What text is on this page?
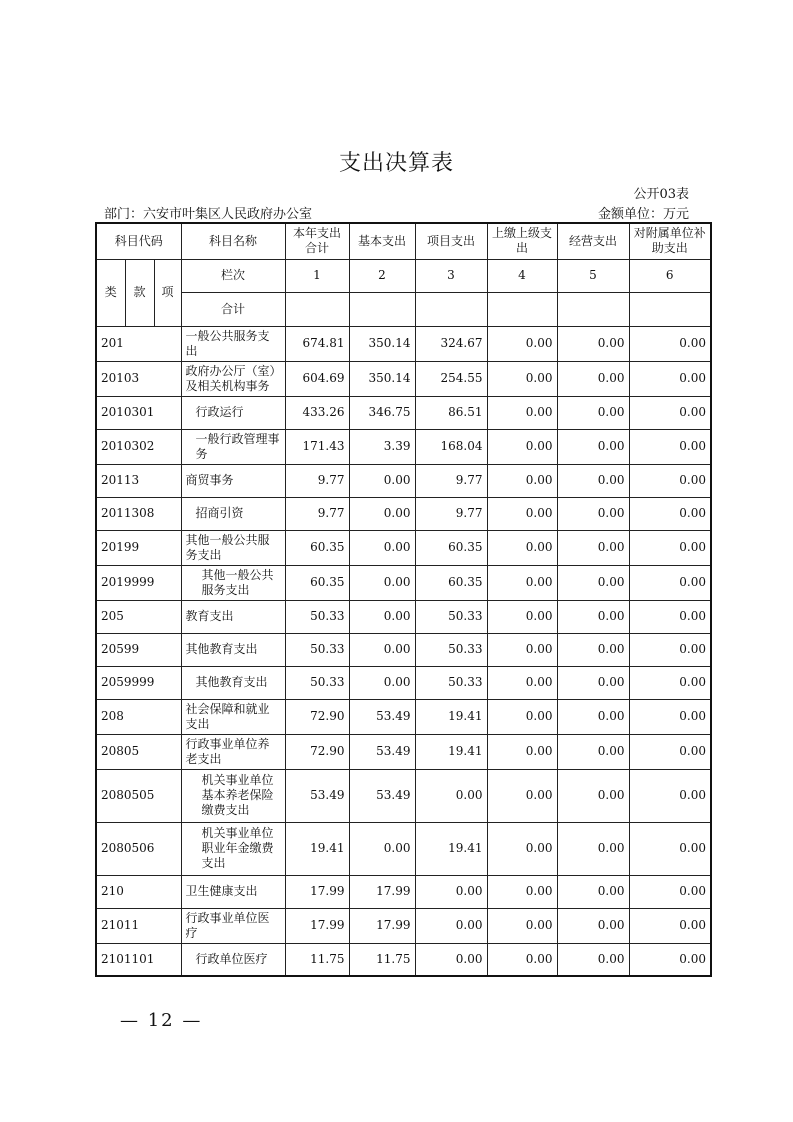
支出决算表
公开03表
部门：六安市叶集区人民政府办公室	金额单位：万元
科目代码			科目名称	本年支出合计	基本支出	项目支出	上缴上级支出	经营支出	对附属单位补助支出
类	款	项	栏次	1	2	3	4	5	6
			合计						
201			一般公共服务支出	674.81	350.14	324.67	0.00	0.00	0.00
20103			政府办公厅（室）及相关机构事务	604.69	350.14	254.55	0.00	0.00	0.00
2010301			行政运行	433.26	346.75	86.51	0.00	0.00	0.00
2010302			一般行政管理事务	171.43	3.39	168.04	0.00	0.00	0.00
20113			商贸事务	9.77	0.00	9.77	0.00	0.00	0.00
2011308			招商引资	9.77	0.00	9.77	0.00	0.00	0.00
20199			其他一般公共服务支出	60.35	0.00	60.35	0.00	0.00	0.00
2019999			其他一般公共服务支出	60.35	0.00	60.35	0.00	0.00	0.00
205			教育支出	50.33	0.00	50.33	0.00	0.00	0.00
20599			其他教育支出	50.33	0.00	50.33	0.00	0.00	0.00
2059999			其他教育支出	50.33	0.00	50.33	0.00	0.00	0.00
208			社会保障和就业支出	72.90	53.49	19.41	0.00	0.00	0.00
20805			行政事业单位养老支出	72.90	53.49	19.41	0.00	0.00	0.00
2080505			机关事业单位基本养老保险缴费支出	53.49	53.49	0.00	0.00	0.00	0.00
2080506			机关事业单位职业年金缴费支出	19.41	0.00	19.41	0.00	0.00	0.00
210			卫生健康支出	17.99	17.99	0.00	0.00	0.00	0.00
21011			行政事业单位医疗	17.99	17.99	0.00	0.00	0.00	0.00
2101101			行政单位医疗	11.75	11.75	0.00	0.00	0.00	0.00
— 12 —
